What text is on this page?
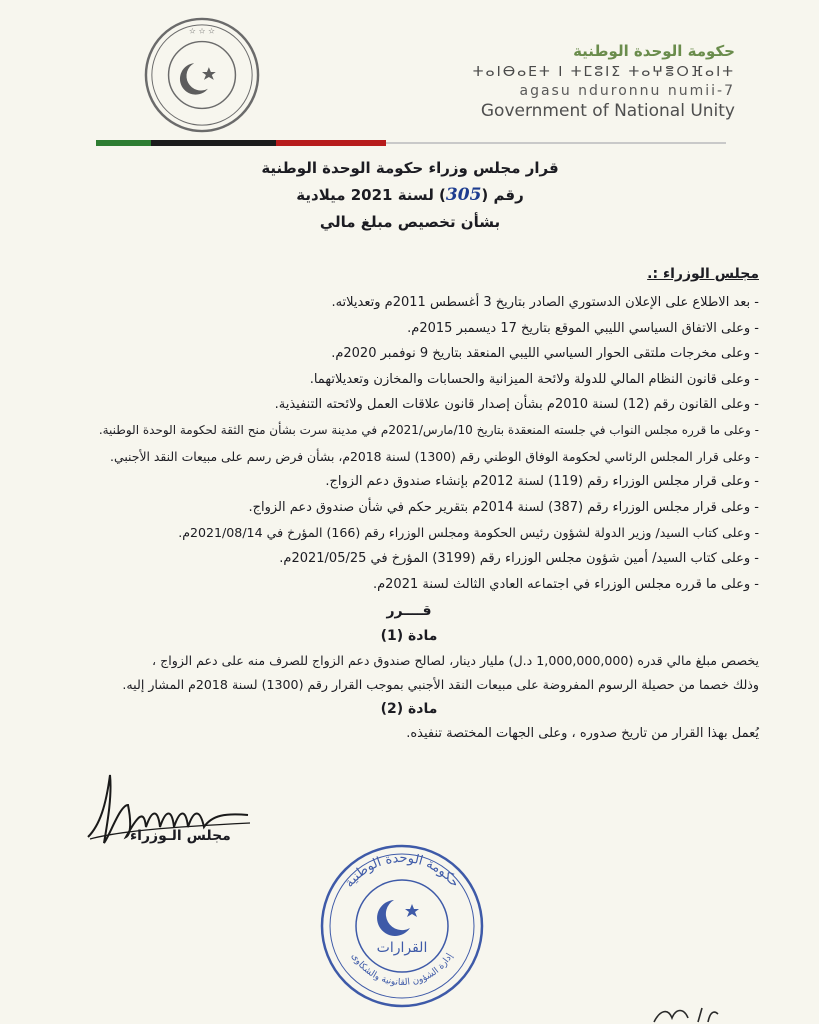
☆ ☆ ☆
حكومة الوحدة الوطنية
ⵜⴰⵏⴱⴰⴹⵜ ⵏ ⵜⵎⵓⵏⵉ ⵜⴰⵖⴻⵔⴼⴰⵏⵜ
agasu nduronnu numii-7
Government of National Unity
قرار مجلس وزراء حكومة الوحدة الوطنية
رقم (305) لسنة 2021 ميلادية
بشأن تخصيص مبلغ مالي
مجلس الوزراء :.
- بعد الاطلاع على الإعلان الدستوري الصادر بتاريخ 3 أغسطس 2011م وتعديلاته.
- وعلى الاتفاق السياسي الليبي الموقع بتاريخ 17 ديسمبر 2015م.
- وعلى مخرجات ملتقى الحوار السياسي الليبي المنعقد بتاريخ 9 نوفمبر 2020م.
- وعلى قانون النظام المالي للدولة ولائحة الميزانية والحسابات والمخازن وتعديلاتهما.
- وعلى القانون رقم (12) لسنة 2010م بشأن إصدار قانون علاقات العمل ولائحته التنفيذية.
- وعلى ما قرره مجلس النواب في جلسته المنعقدة بتاريخ 10/مارس/2021م في مدينة سرت بشأن منح الثقة لحكومة الوحدة الوطنية.
- وعلى قرار المجلس الرئاسي لحكومة الوفاق الوطني رقم (1300) لسنة 2018م، بشأن فرض رسم على مبيعات النقد الأجنبي.
- وعلى قرار مجلس الوزراء رقم (119) لسنة 2012م بإنشاء صندوق دعم الزواج.
- وعلى قرار مجلس الوزراء رقم (387) لسنة 2014م بتقرير حكم في شأن صندوق دعم الزواج.
- وعلى كتاب السيد/ وزير الدولة لشؤون رئيس الحكومة ومجلس الوزراء رقم (166) المؤرخ في 2021/08/14م.
- وعلى كتاب السيد/ أمين شؤون مجلس الوزراء رقم (3199) المؤرخ في 2021/05/25م.
- وعلى ما قرره مجلس الوزراء في اجتماعه العادي الثالث لسنة 2021م.
قــــرر
مادة (1)
يخصص مبلغ مالي قدره (1,000,000,000 د.ل) مليار دينار، لصالح صندوق دعم الزواج للصرف منه على دعم الزواج ،
وذلك خصما من حصيلة الرسوم المفروضة على مبيعات النقد الأجنبي بموجب القرار رقم (1300) لسنة 2018م المشار إليه.
مادة (2)
يُعمل بهذا القرار من تاريخ صدوره ، وعلى الجهات المختصة تنفيذه.
مجلس الـوزراء
حكومة الوحدة الوطنية
إدارة الشؤون القانونية والشكاوى
القرارات
